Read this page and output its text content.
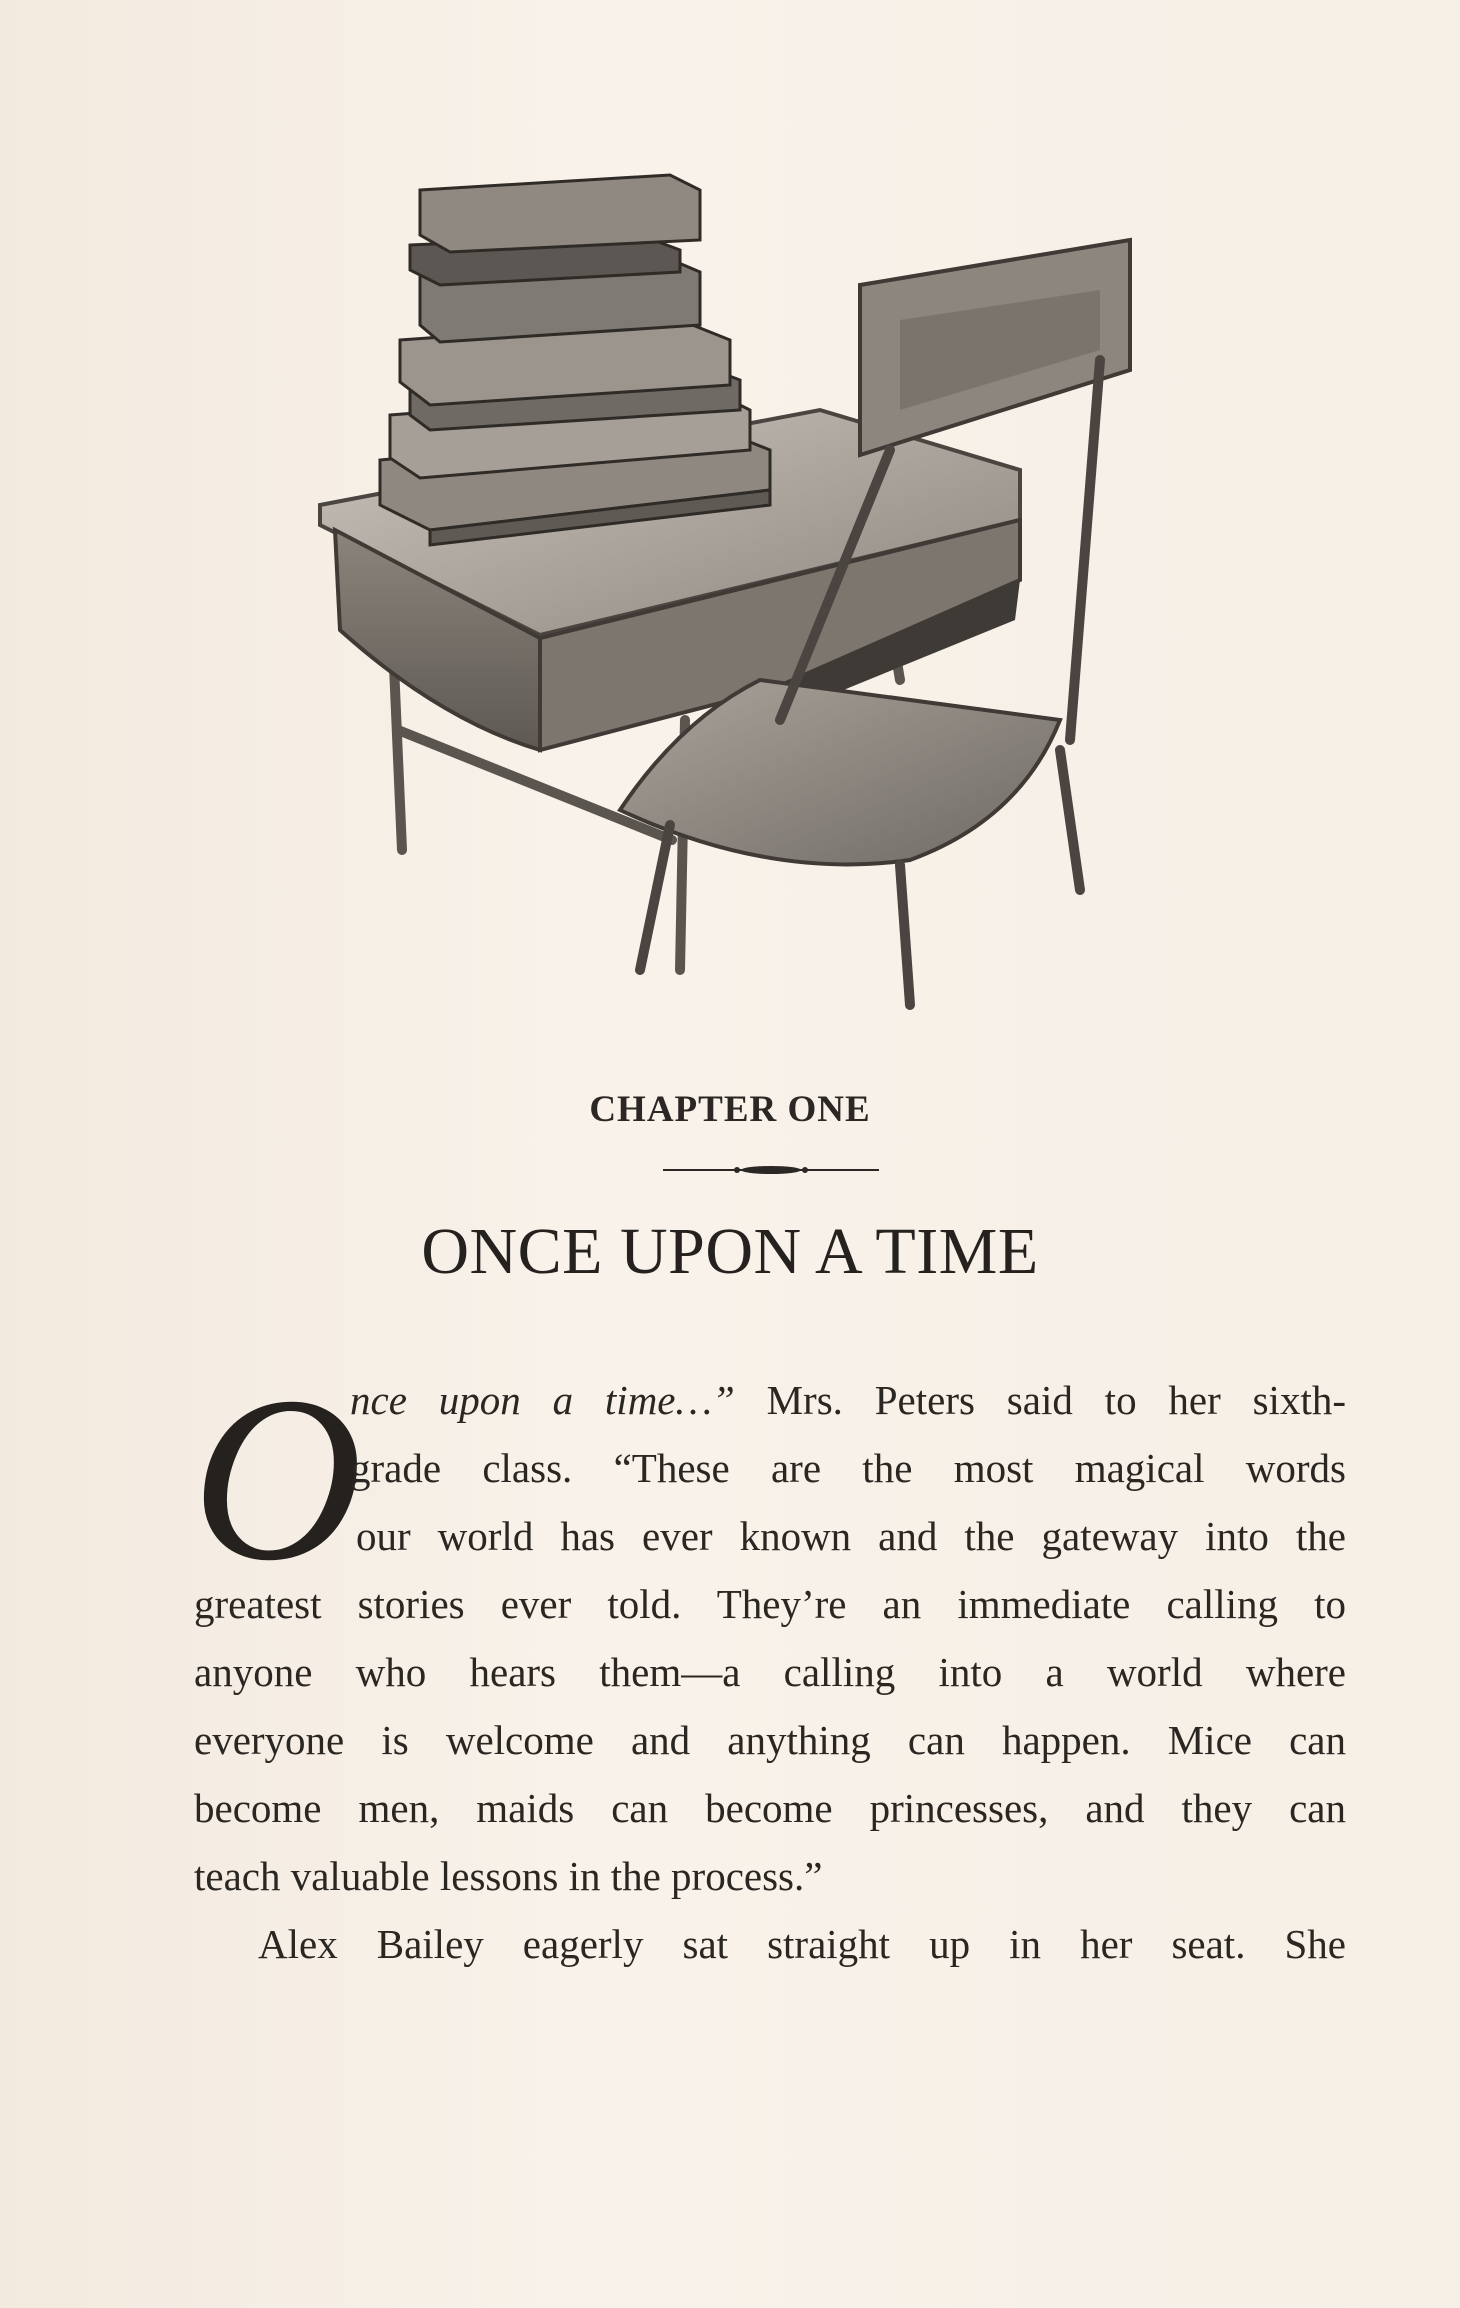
CHAPTER ONE
ONCE UPON A TIME
O
nce upon a time…” Mrs. Peters said to her sixth-
grade class. “These are the most magical words
our world has ever known and the gateway into the
greatest stories ever told. They’re an immediate calling to
anyone who hears them—a calling into a world where
everyone is welcome and anything can happen. Mice can
become men, maids can become princesses, and they can
teach valuable lessons in the process.”
Alex Bailey eagerly sat straight up in her seat. She
